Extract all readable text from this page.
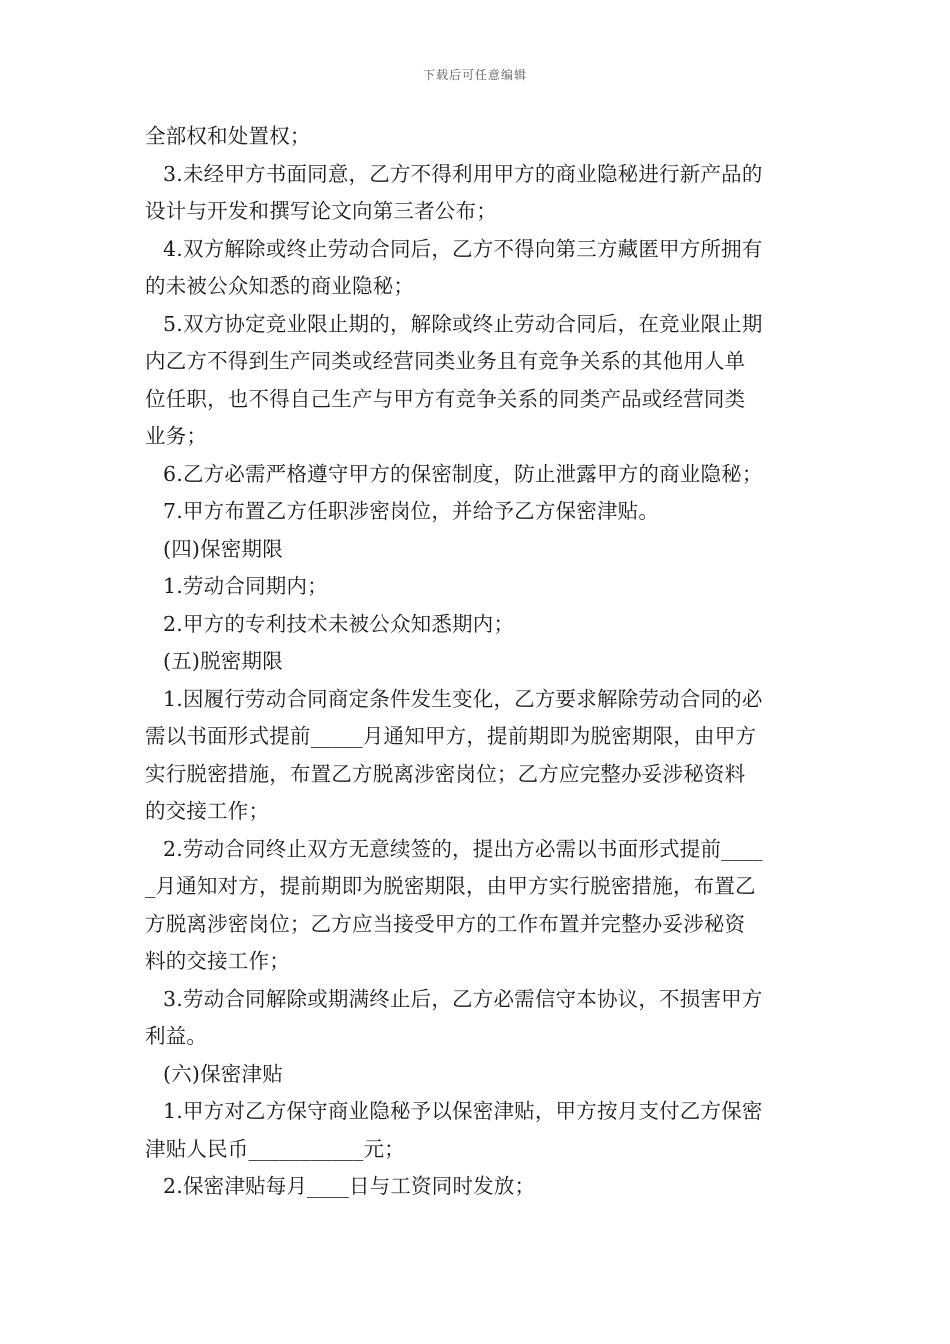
下载后可任意编辑
全部权和处置权；
3.未经甲方书面同意，乙方不得利用甲方的商业隐秘进行新产品的
设计与开发和撰写论文向第三者公布；
4.双方解除或终止劳动合同后，乙方不得向第三方藏匿甲方所拥有
的未被公众知悉的商业隐秘；
5.双方协定竞业限止期的，解除或终止劳动合同后，在竞业限止期
内乙方不得到生产同类或经营同类业务且有竞争关系的其他用人单
位任职，也不得自己生产与甲方有竞争关系的同类产品或经营同类
业务；
6.乙方必需严格遵守甲方的保密制度，防止泄露甲方的商业隐秘；
7.甲方布置乙方任职涉密岗位，并给予乙方保密津贴。
(四)保密期限
1.劳动合同期内；
2.甲方的专利技术未被公众知悉期内；
(五)脱密期限
1.因履行劳动合同商定条件发生变化，乙方要求解除劳动合同的必
需以书面形式提前_____月通知甲方，提前期即为脱密期限，由甲方
实行脱密措施，布置乙方脱离涉密岗位；乙方应完整办妥涉秘资料
的交接工作；
2.劳动合同终止双方无意续签的，提出方必需以书面形式提前____
_月通知对方，提前期即为脱密期限，由甲方实行脱密措施，布置乙
方脱离涉密岗位；乙方应当接受甲方的工作布置并完整办妥涉秘资
料的交接工作；
3.劳动合同解除或期满终止后，乙方必需信守本协议，不损害甲方
利益。
(六)保密津贴
1.甲方对乙方保守商业隐秘予以保密津贴，甲方按月支付乙方保密
津贴人民币___________元；
2.保密津贴每月____日与工资同时发放；
